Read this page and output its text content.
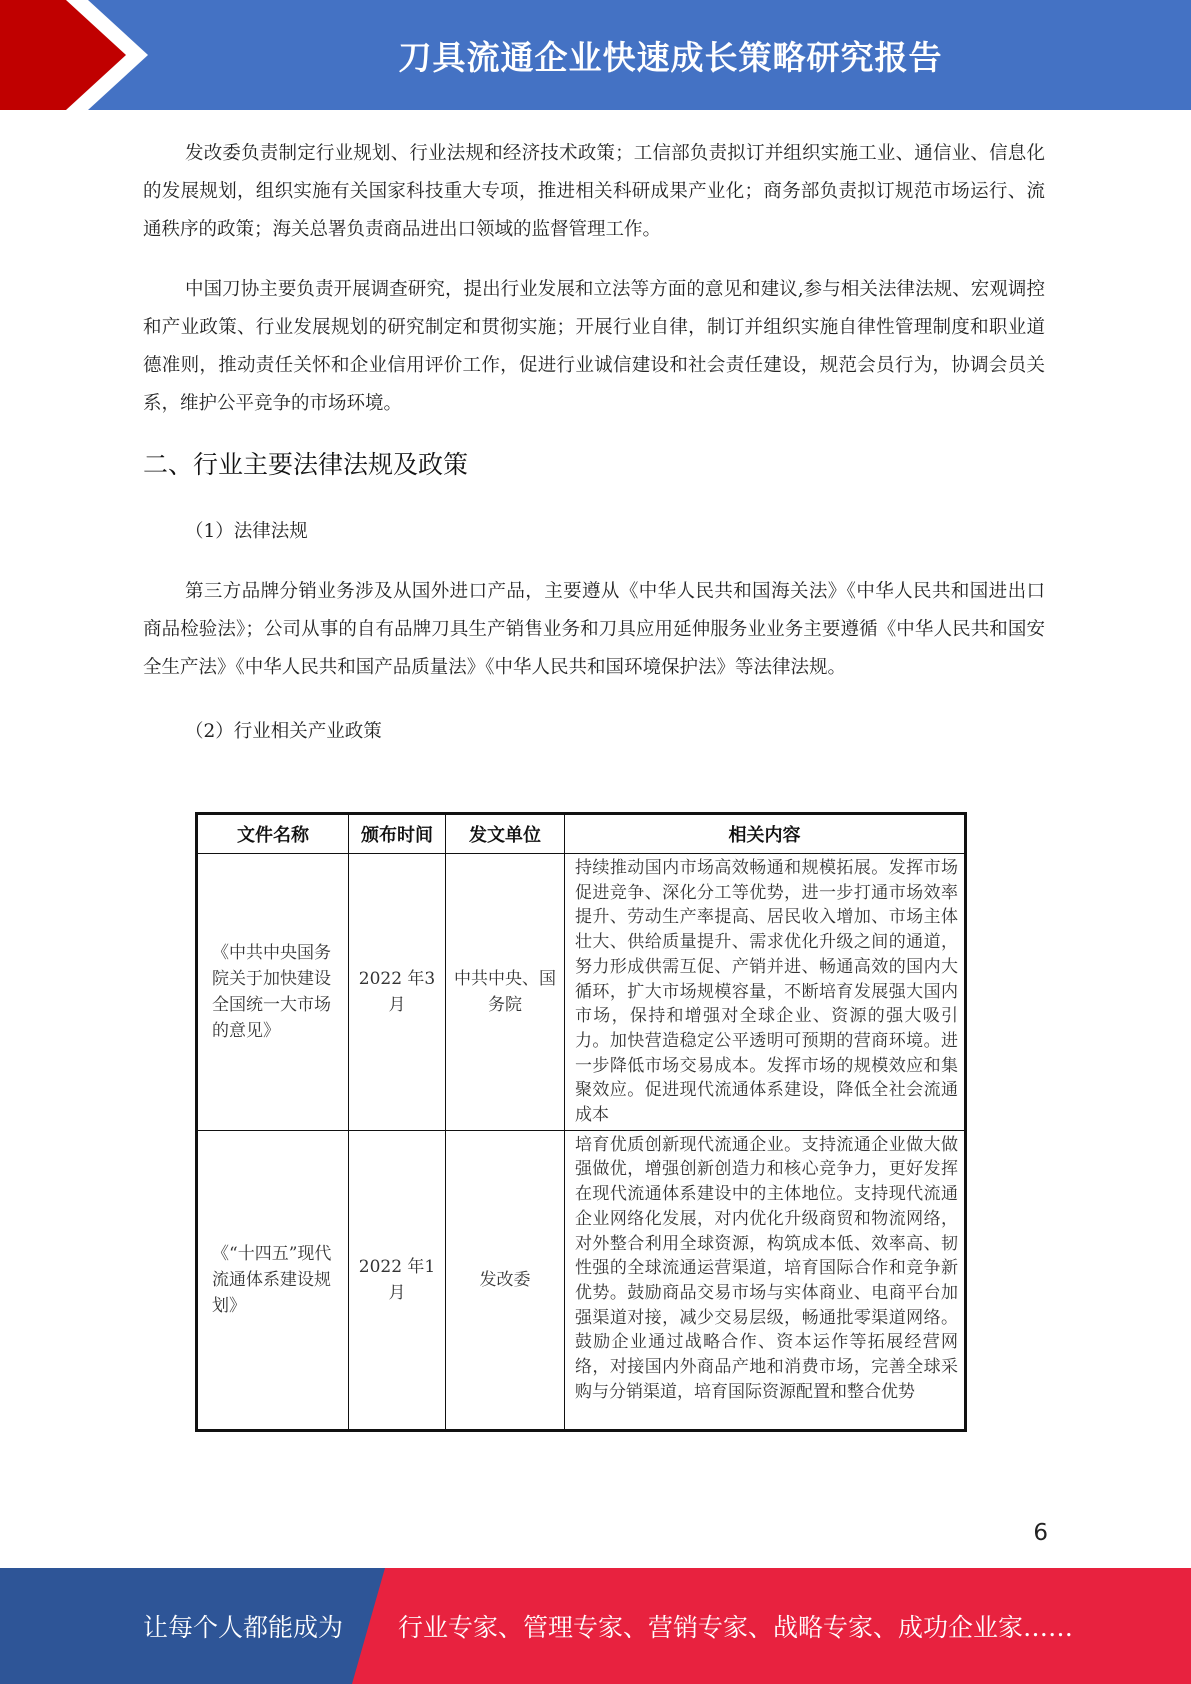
刀具流通企业快速成长策略研究报告

发改委负责制定行业规划、行业法规和经济技术政策；工信部负责拟订并组织实施工业、通信业、信息化的发展规划，组织实施有关国家科技重大专项，推进相关科研成果产业化；商务部负责拟订规范市场运行、流通秩序的政策；海关总署负责商品进出口领域的监督管理工作。

中国刀协主要负责开展调查研究，提出行业发展和立法等方面的意见和建议,参与相关法律法规、宏观调控和产业政策、行业发展规划的研究制定和贯彻实施；开展行业自律，制订并组织实施自律性管理制度和职业道德准则，推动责任关怀和企业信用评价工作，促进行业诚信建设和社会责任建设，规范会员行为，协调会员关系，维护公平竞争的市场环境。

二、行业主要法律法规及政策
（1）法律法规

第三方品牌分销业务涉及从国外进口产品，主要遵从《中华人民共和国海关法》《中华人民共和国进出口商品检验法》；公司从事的自有品牌刀具生产销售业务和刀具应用延伸服务业业务主要遵循《中华人民共和国安全生产法》《中华人民共和国产品质量法》《中华人民共和国环境保护法》等法律法规。

（2）行业相关产业政策
文件名称	颁布时间	发文单位	相关内容
《中共中央国务院关于加快建设全国统一大市场的意见》	2022 年3 月	中共中央、国务院	持续推动国内市场高效畅通和规模拓展。发挥市场促进竞争、深化分工等优势，进一步打通市场效率提升、劳动生产率提高、居民收入增加、市场主体壮大、供给质量提升、需求优化升级之间的通道，努力形成供需互促、产销并进、畅通高效的国内大循环，扩大市场规模容量，不断培育发展强大国内市场，保持和增强对全球企业、资源的强大吸引力。加快营造稳定公平透明可预期的营商环境。进一步降低市场交易成本。发挥市场的规模效应和集聚效应。促进现代流通体系建设，降低全社会流通成本
《“十四五”现代流通体系建设规划》	2022 年1 月	发改委	培育优质创新现代流通企业。支持流通企业做大做强做优，增强创新创造力和核心竞争力，更好发挥在现代流通体系建设中的主体地位。支持现代流通企业网络化发展，对内优化升级商贸和物流网络，对外整合利用全球资源，构筑成本低、效率高、韧性强的全球流通运营渠道，培育国际合作和竞争新优势。鼓励商品交易市场与实体商业、电商平台加强渠道对接，减少交易层级，畅通批零渠道网络。鼓励企业通过战略合作、资本运作等拓展经营网络，对接国内外商品产地和消费市场，完善全球采购与分销渠道，培育国际资源配置和整合优势
6
让每个人都能成为 行业专家、管理专家、营销专家、战略专家、成功企业家……
